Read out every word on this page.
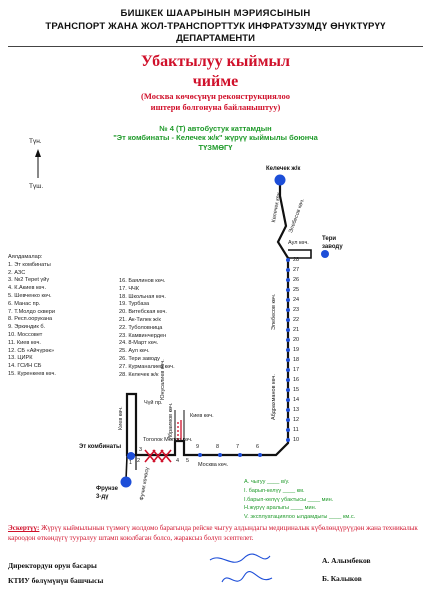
БИШКЕК ШААРЫНЫН МЭРИЯСЫНЫН
ТРАНСПОРТ ЖАНА ЖОЛ-ТРАНСПОРТТУК ИНФРАТУЗУМДҮ ӨНҮКТҮРҮҮ
ДЕПАРТАМЕНТИ
Убактылуу кыймыл
чийме
(Москва көчөсүнүн реконструкциялоо
иштери болгонуна байланыштуу)
№ 4 (Т) автобустук каттамдын
"Эт комбинаты - Келечек ж/к" жүрүү кыймылы боюнча
ТҮЗМӨГҮ
Түн.
Түш.
Аялдамалар:
1. Эт комбинаты
2. АЗС
3. №2 Тереt үйү
4. К.Акиев көч.
5. Шевченко көч.
6. Манас пр.
7. Т.Молдо сквери
8. Респ.оорукана
9. Эркиндик б.
10. Моссовет
11. Киев көч.
12. СБ «Айчүрөк»
13. ЦИРК
14. ГСИН СБ
15. Куренкеев көч.
16. Баялинов көч.
17. ЧЧК
18. Школьная көч.
19. Турбаза
20. Витебская көч.
21. Ак-Тилек ж/к
22. Туболовница
23. Камвинчерден
24. 8-Март көч.
25. Аул көч.
26. Тери заводу
27. Курманалиев көч.
28. Келечек ж/к
Келечек ж/к
Келечек көч. Элебесов көч.
Аул көч.
Тери
заводу
Элебесов көч.
Абдрахманов көч.
Чүй пр.
Киев көч.
Юнусалиев көч.
Тоголок Молдо көч.
Ибраимов көч.
Киев көч.
Эт комбинаты
Москва көч.
Фрунзе
3-дү	Фучик көчөсү
28
27
26
25
24
23
22
21
20
19
18
17
16
15
14
13
12
11
10
9	8	7	6
5
4
3
2
1
А. чыгуу ____ в/у.
I. барып-келүү ____ км.
I.барып-келүү убактысы ____ мин.
Н.жүрүү аралыгы ____ мин.
V. эксплуатациялоо ылдамдыгы ____ км.с.
Эскертүү: Жүрүү кыймылынын түзмөгү жолдомо барагында рейске чыгуу алдындагы медициналык күбөлөндүрүүдөн жана техникалык кароодон өткөндүгү тууралуу штамп коюлбаган болсо, жараксыз болуп эсептелет.
Директордун орун басары
А. Алымбеков
КТИУ бөлүмүнүн башчысы	Б. Калыков
